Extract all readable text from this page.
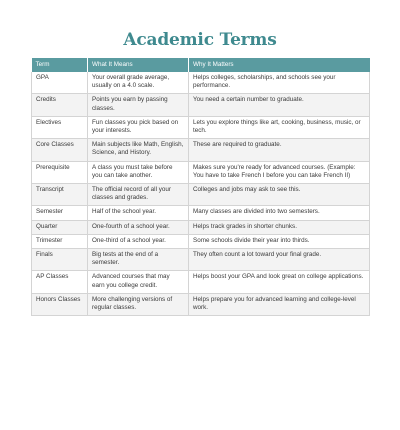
Academic Terms
Term	What It Means	Why It Matters
GPA	Your overall grade average, usually on a 4.0 scale.	Helps colleges, scholarships, and schools see your performance.
Credits	Points you earn by passing classes.	You need a certain number to graduate.
Electives	Fun classes you pick based on your interests.	Lets you explore things like art, cooking, business, music, or tech.
Core Classes	Main subjects like Math, English, Science, and History.	These are required to graduate.
Prerequisite	A class you must take before you can take another.	Makes sure you're ready for advanced courses. (Example: You have to take French I before you can take French II)
Transcript	The official record of all your classes and grades.	Colleges and jobs may ask to see this.
Semester	Half of the school year.	Many classes are divided into two semesters.
Quarter	One-fourth of a school year.	Helps track grades in shorter chunks.
Trimester	One-third of a school year.	Some schools divide their year into thirds.
Finals	Big tests at the end of a semester.	They often count a lot toward your final grade.
AP Classes	Advanced courses that may earn you college credit.	Helps boost your GPA and look great on college applications.
Honors Classes	More challenging versions of regular classes.	Helps prepare you for advanced learning and college-level work.
